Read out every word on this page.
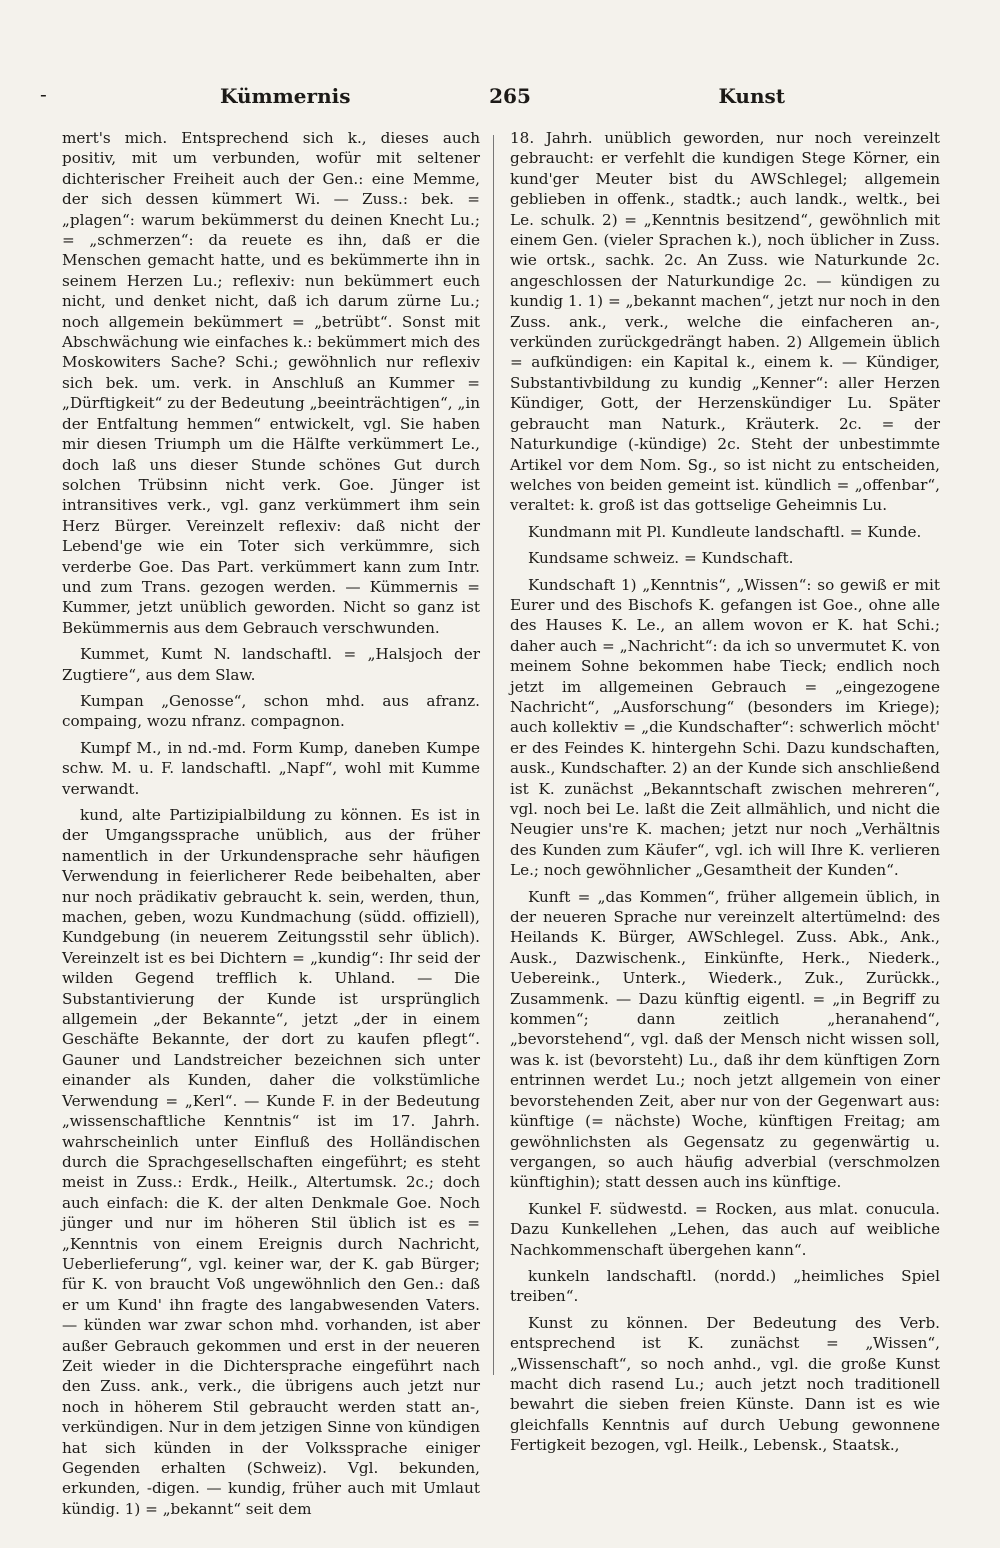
Kümmernis	265	Kunst
-

mert's mich. Entsprechend sich k., dieses auch positiv, mit um verbunden, wofür mit seltener dichterischer Freiheit auch der Gen.: eine Memme, der sich dessen kümmert Wi. — Zuss.: bek. = „plagen“: warum bekümmerst du deinen Knecht Lu.; = „schmerzen“: da reuete es ihn, daß er die Menschen gemacht hatte, und es bekümmerte ihn in seinem Herzen Lu.; reflexiv: nun bekümmert euch nicht, und denket nicht, daß ich darum zürne Lu.; noch allgemein bekümmert = „betrübt“. Sonst mit Abschwächung wie einfaches k.: bekümmert mich des Moskowiters Sache? Schi.; gewöhnlich nur reflexiv sich bek. um. verk. in Anschluß an Kummer = „Dürftigkeit“ zu der Bedeutung „beeinträchtigen“, „in der Entfaltung hemmen“ entwickelt, vgl. Sie haben mir diesen Triumph um die Hälfte verkümmert Le., doch laß uns dieser Stunde schönes Gut durch solchen Trübsinn nicht verk. Goe. Jünger ist intransitives verk., vgl. ganz verkümmert ihm sein Herz Bürger. Vereinzelt reflexiv: daß nicht der Lebend'ge wie ein Toter sich verkümmre, sich verderbe Goe. Das Part. verkümmert kann zum Intr. und zum Trans. gezogen werden. — Kümmernis = Kummer, jetzt unüblich geworden. Nicht so ganz ist Bekümmernis aus dem Gebrauch verschwunden.

Kummet, Kumt N. landschaftl. = „Halsjoch der Zugtiere“, aus dem Slaw.

Kumpan „Genosse“, schon mhd. aus afranz. compaing, wozu nfranz. compagnon.

Kumpf M., in nd.-md. Form Kump, daneben Kumpe schw. M. u. F. landschaftl. „Napf“, wohl mit Kumme verwandt.

kund, alte Partizipialbildung zu können. Es ist in der Umgangssprache unüblich, aus der früher namentlich in der Urkundensprache sehr häufigen Verwendung in feierlicherer Rede beibehalten, aber nur noch prädikativ gebraucht k. sein, werden, thun, machen, geben, wozu Kundmachung (südd. offiziell), Kundgebung (in neuerem Zeitungsstil sehr üblich). Vereinzelt ist es bei Dichtern = „kundig“: Ihr seid der wilden Gegend trefflich k. Uhland. — Die Substantivierung der Kunde ist ursprünglich allgemein „der Bekannte“, jetzt „der in einem Geschäfte Bekannte, der dort zu kaufen pflegt“. Gauner und Landstreicher bezeichnen sich unter einander als Kunden, daher die volkstümliche Verwendung = „Kerl“. — Kunde F. in der Bedeutung „wissenschaftliche Kenntnis“ ist im 17. Jahrh. wahrscheinlich unter Einfluß des Holländischen durch die Sprachgesellschaften eingeführt; es steht meist in Zuss.: Erdk., Heilk., Altertumsk. 2c.; doch auch einfach: die K. der alten Denkmale Goe. Noch jünger und nur im höheren Stil üblich ist es = „Kenntnis von einem Ereignis durch Nachricht, Ueberlieferung“, vgl. keiner war, der K. gab Bürger; für K. von braucht Voß ungewöhnlich den Gen.: daß er um Kund' ihn fragte des langabwesenden Vaters. — künden war zwar schon mhd. vorhanden, ist aber außer Gebrauch gekommen und erst in der neueren Zeit wieder in die Dichtersprache eingeführt nach den Zuss. ank., verk., die übrigens auch jetzt nur noch in höherem Stil gebraucht werden statt an-, verkündigen. Nur in dem jetzigen Sinne von kündigen hat sich künden in der Volkssprache einiger Gegenden erhalten (Schweiz). Vgl. bekunden, erkunden, -digen. — kundig, früher auch mit Umlaut kündig. 1) = „bekannt“ seit dem

18. Jahrh. unüblich geworden, nur noch vereinzelt gebraucht: er verfehlt die kundigen Stege Körner, ein kund'ger Meuter bist du AWSchlegel; allgemein geblieben in offenk., stadtk.; auch landk., weltk., bei Le. schulk. 2) = „Kenntnis besitzend“, gewöhnlich mit einem Gen. (vieler Sprachen k.), noch üblicher in Zuss. wie ortsk., sachk. 2c. An Zuss. wie Naturkunde 2c. angeschlossen der Naturkundige 2c. — kündigen zu kundig 1. 1) = „bekannt machen“, jetzt nur noch in den Zuss. ank., verk., welche die einfacheren an-, verkünden zurückgedrängt haben. 2) Allgemein üblich = aufkündigen: ein Kapital k., einem k. — Kündiger, Substantivbildung zu kundig „Kenner“: aller Herzen Kündiger, Gott, der Herzenskündiger Lu. Später gebraucht man Naturk., Kräuterk. 2c. = der Naturkundige (-kündige) 2c. Steht der unbestimmte Artikel vor dem Nom. Sg., so ist nicht zu entscheiden, welches von beiden gemeint ist. kündlich = „offenbar“, veraltet: k. groß ist das gottselige Geheimnis Lu.

Kundmann mit Pl. Kundleute landschaftl. = Kunde.

Kundsame schweiz. = Kundschaft.

Kundschaft 1) „Kenntnis“, „Wissen“: so gewiß er mit Eurer und des Bischofs K. gefangen ist Goe., ohne alle des Hauses K. Le., an allem wovon er K. hat Schi.; daher auch = „Nachricht“: da ich so unvermutet K. von meinem Sohne bekommen habe Tieck; endlich noch jetzt im allgemeinen Gebrauch = „eingezogene Nachricht“, „Ausforschung“ (besonders im Kriege); auch kollektiv = „die Kundschafter“: schwerlich möcht' er des Feindes K. hintergehn Schi. Dazu kundschaften, ausk., Kundschafter. 2) an der Kunde sich anschließend ist K. zunächst „Bekanntschaft zwischen mehreren“, vgl. noch bei Le. laßt die Zeit allmählich, und nicht die Neugier uns're K. machen; jetzt nur noch „Verhältnis des Kunden zum Käufer“, vgl. ich will Ihre K. verlieren Le.; noch gewöhnlicher „Gesamtheit der Kunden“.

Kunft = „das Kommen“, früher allgemein üblich, in der neueren Sprache nur vereinzelt altertümelnd: des Heilands K. Bürger, AWSchlegel. Zuss. Abk., Ank., Ausk., Dazwischenk., Einkünfte, Herk., Niederk., Uebereink., Unterk., Wiederk., Zuk., Zurückk., Zusammenk. — Dazu künftig eigentl. = „in Begriff zu kommen“; dann zeitlich „heranahend“, „bevorstehend“, vgl. daß der Mensch nicht wissen soll, was k. ist (bevorsteht) Lu., daß ihr dem künftigen Zorn entrinnen werdet Lu.; noch jetzt allgemein von einer bevorstehenden Zeit, aber nur von der Gegenwart aus: künftige (= nächste) Woche, künftigen Freitag; am gewöhnlichsten als Gegensatz zu gegenwärtig u. vergangen, so auch häufig adverbial (verschmolzen künftighin); statt dessen auch ins künftige.

Kunkel F. südwestd. = Rocken, aus mlat. conucula. Dazu Kunkellehen „Lehen, das auch auf weibliche Nachkommenschaft übergehen kann“.

kunkeln landschaftl. (nordd.) „heimliches Spiel treiben“.

Kunst zu können. Der Bedeutung des Verb. entsprechend ist K. zunächst = „Wissen“, „Wissenschaft“, so noch anhd., vgl. die große Kunst macht dich rasend Lu.; auch jetzt noch traditionell bewahrt die sieben freien Künste. Dann ist es wie gleichfalls Kenntnis auf durch Uebung gewonnene Fertigkeit bezogen, vgl. Heilk., Lebensk., Staatsk.,
